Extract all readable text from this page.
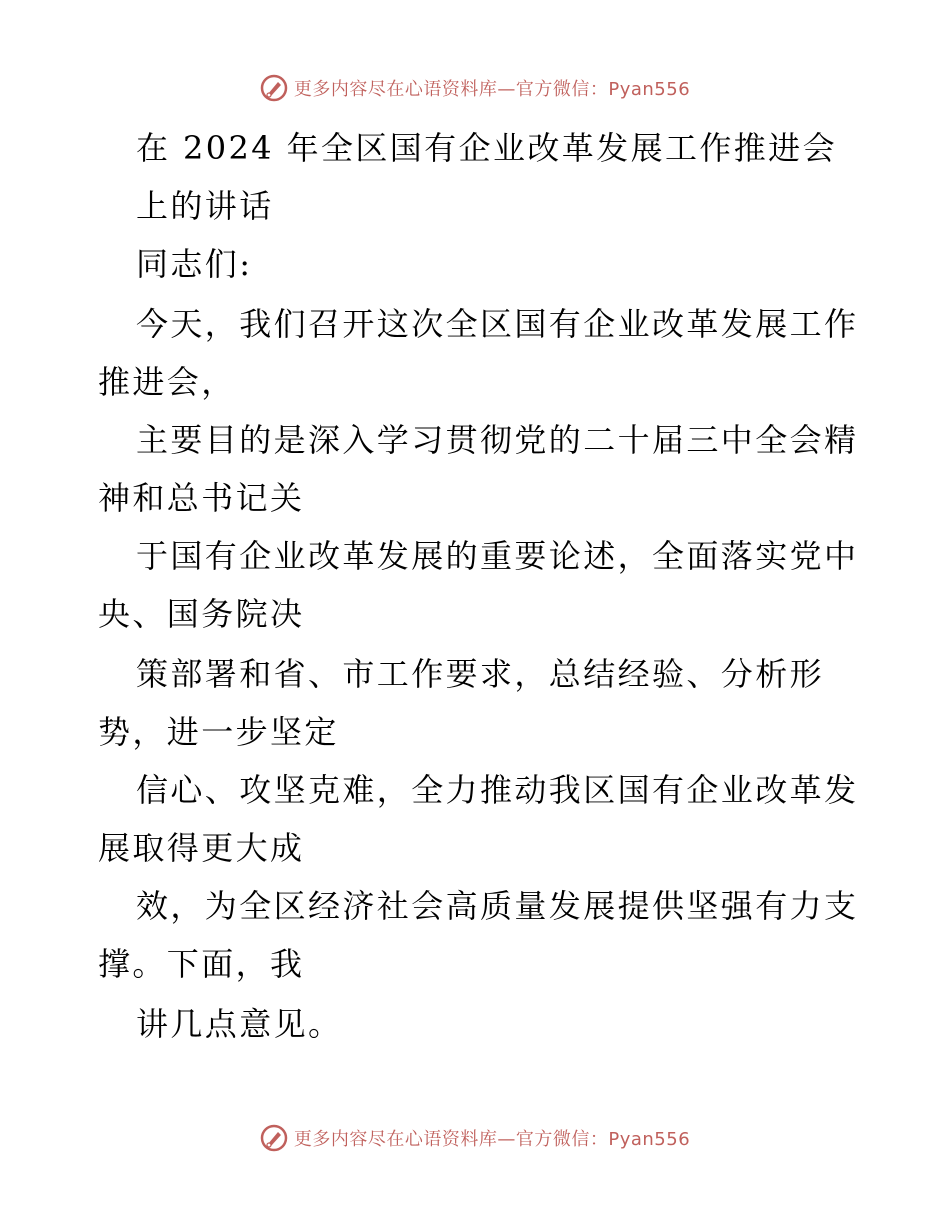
更多内容尽在心语资料库—官方微信：Pyan556
在 2024 年全区国有企业改革发展工作推进会
上的讲话
同志们:
今天，我们召开这次全区国有企业改革发展工作
推进会，
主要目的是深入学习贯彻党的二十届三中全会精
神和总书记关
于国有企业改革发展的重要论述，全面落实党中
央、国务院决
策部署和省、市工作要求，总结经验、分析形
势，进一步坚定
信心、攻坚克难，全力推动我区国有企业改革发
展取得更大成
效，为全区经济社会高质量发展提供坚强有力支
撑。下面，我
讲几点意见。
更多内容尽在心语资料库—官方微信：Pyan556
